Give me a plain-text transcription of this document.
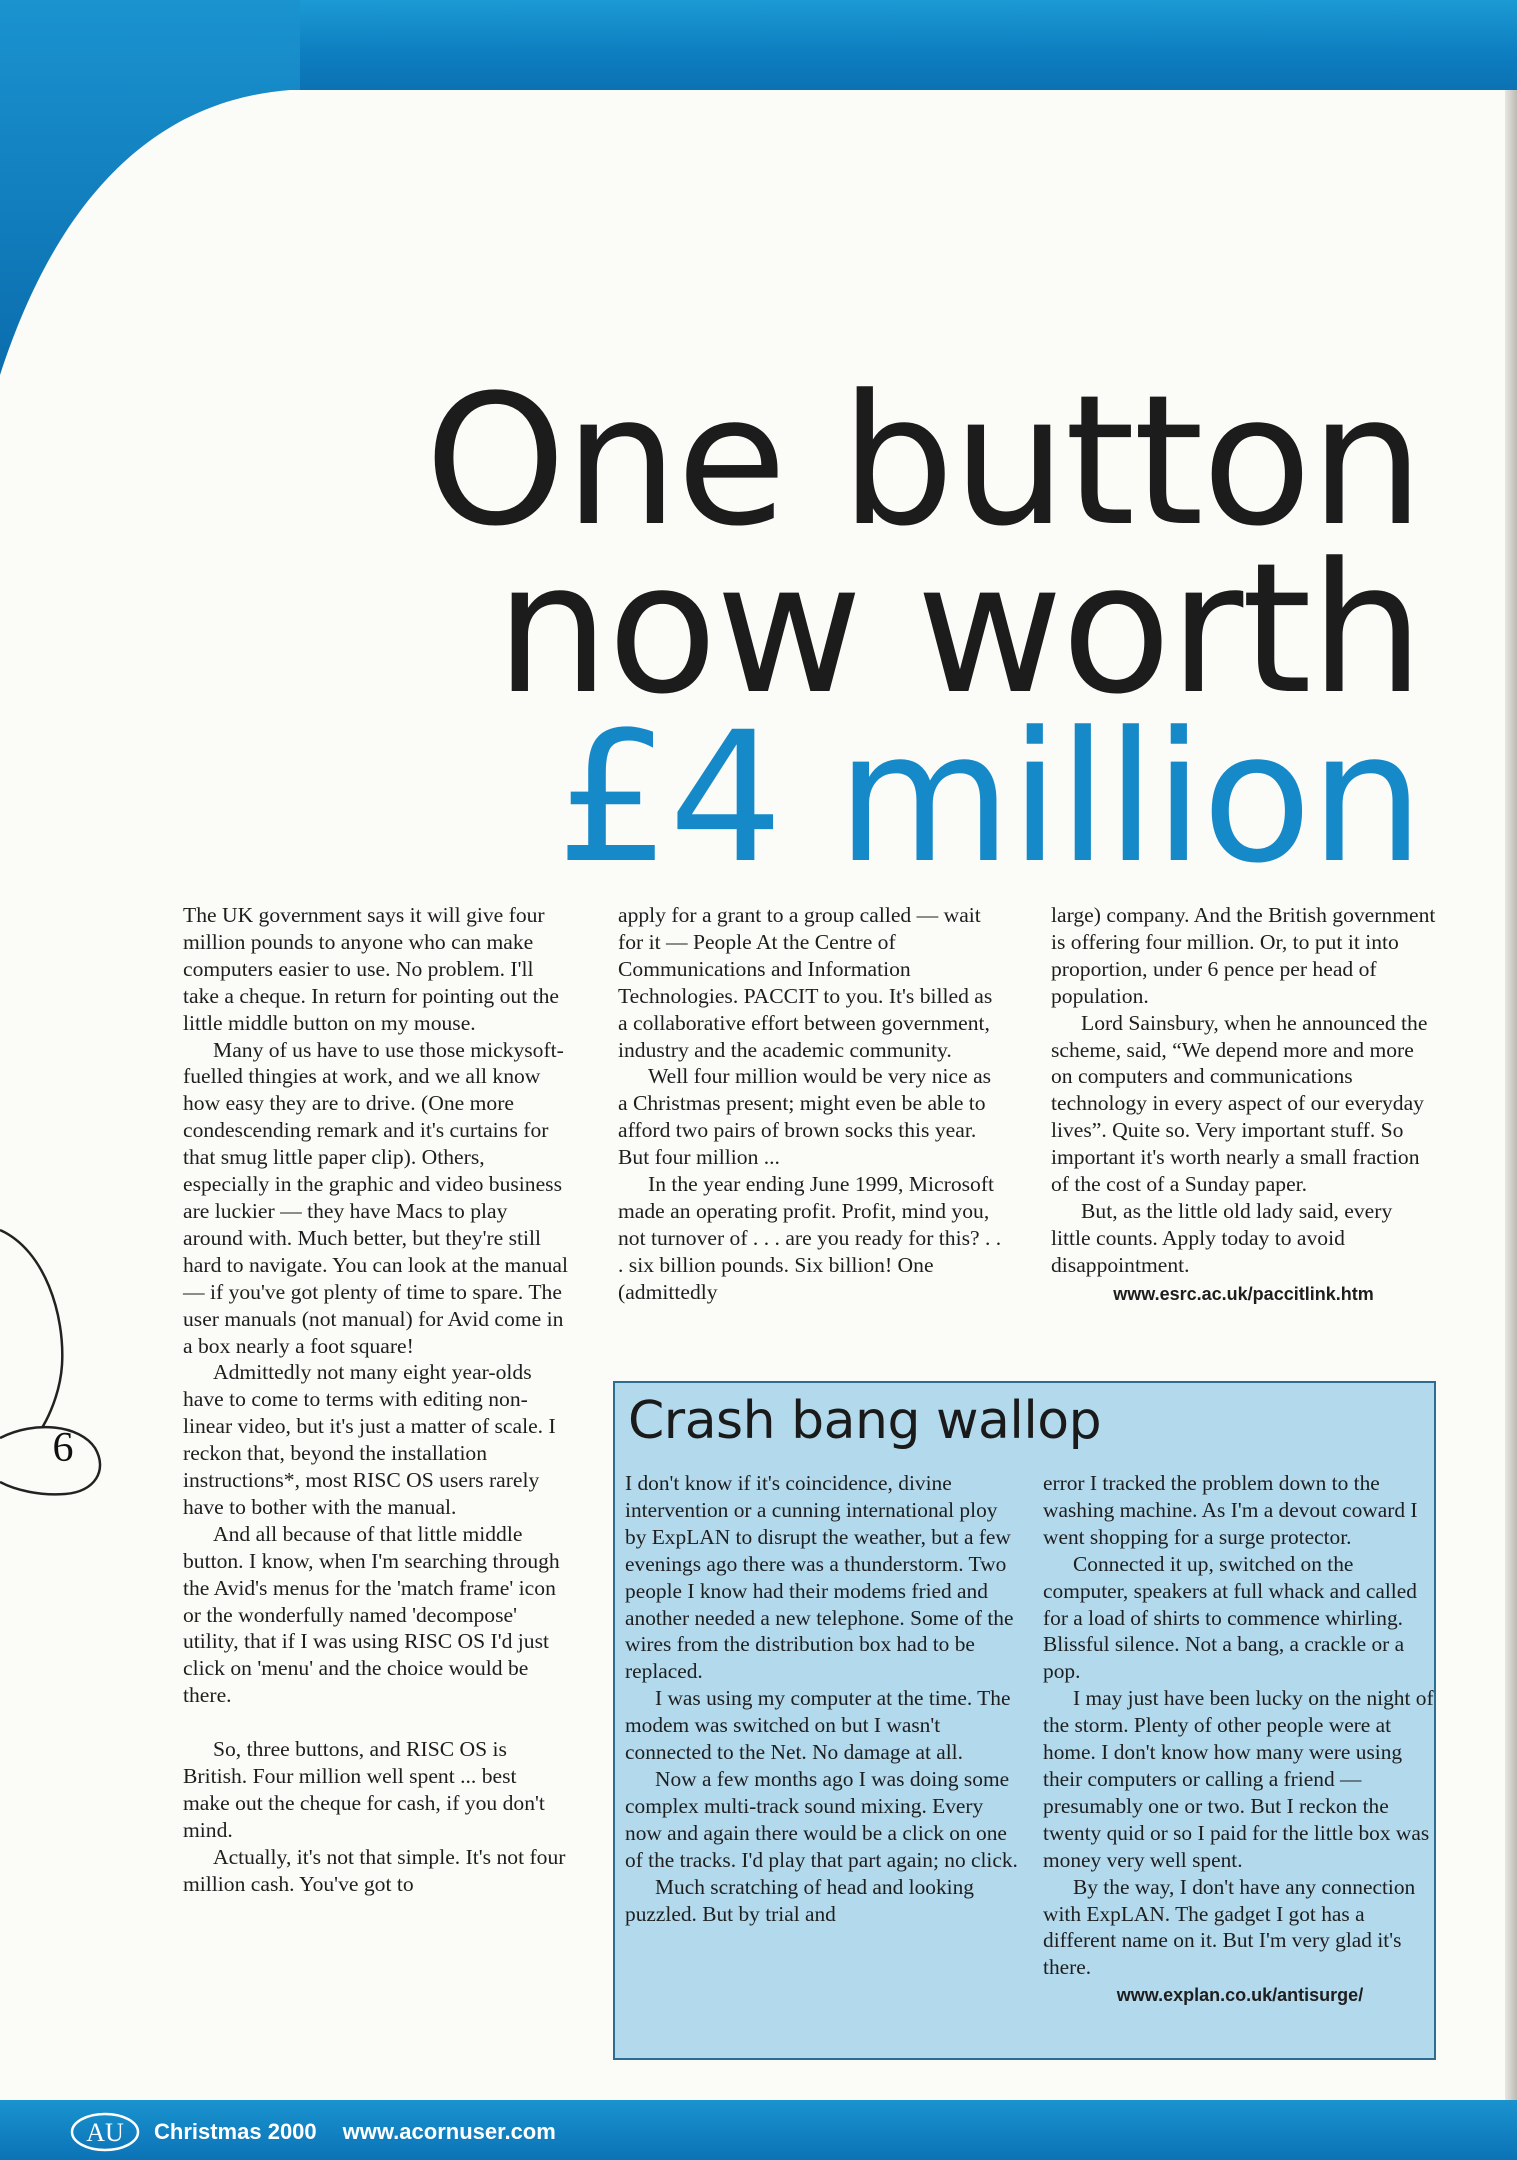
6
One button
now worth
£4 million

The UK government says it will give four million pounds to anyone who can make computers easier to use. No problem. I'll take a cheque. In return for pointing out the little middle button on my mouse.

Many of us have to use those mickysoft-fuelled thingies at work, and we all know how easy they are to drive. (One more condescending remark and it's curtains for that smug little paper clip). Others, especially in the graphic and video business are luckier — they have Macs to play around with. Much better, but they're still hard to navigate. You can look at the manual — if you've got plenty of time to spare. The user manuals (not manual) for Avid come in a box nearly a foot square!

Admittedly not many eight year-olds have to come to terms with editing non-linear video, but it's just a matter of scale. I reckon that, beyond the installation instructions*, most RISC OS users rarely have to bother with the manual.

And all because of that little middle button. I know, when I'm searching through the Avid's menus for the 'match frame' icon or the wonderfully named 'decompose' utility, that if I was using RISC OS I'd just click on 'menu' and the choice would be there.

So, three buttons, and RISC OS is British. Four million well spent ... best make out the cheque for cash, if you don't mind.

Actually, it's not that simple. It's not four million cash. You've got to

apply for a grant to a group called — wait for it — People At the Centre of Communications and Information Technologies. PACCIT to you. It's billed as a collaborative effort between government, industry and the academic community.

Well four million would be very nice as a Christmas present; might even be able to afford two pairs of brown socks this year. But four million ...

In the year ending June 1999, Microsoft made an operating profit. Profit, mind you, not turnover of . . . are you ready for this? . . . six billion pounds. Six billion! One (admittedly

large) company. And the British government is offering four million. Or, to put it into proportion, under 6 pence per head of population.

Lord Sainsbury, when he announced the scheme, said, “We depend more and more on computers and communications technology in every aspect of our everyday lives”. Quite so. Very important stuff. So important it's worth nearly a small fraction of the cost of a Sunday paper.

But, as the little old lady said, every little counts. Apply today to avoid disappointment.

www.esrc.ac.uk/paccitlink.htm
Crash bang wallop

I don't know if it's coincidence, divine intervention or a cunning international ploy by ExpLAN to disrupt the weather, but a few evenings ago there was a thunderstorm. Two people I know had their modems fried and another needed a new telephone. Some of the wires from the distribution box had to be replaced.

I was using my computer at the time. The modem was switched on but I wasn't connected to the Net. No damage at all.

Now a few months ago I was doing some complex multi-track sound mixing. Every now and again there would be a click on one of the tracks. I'd play that part again; no click.

Much scratching of head and looking puzzled. But by trial and

error I tracked the problem down to the washing machine. As I'm a devout coward I went shopping for a surge protector.

Connected it up, switched on the computer, speakers at full whack and called for a load of shirts to commence whirling. Blissful silence. Not a bang, a crackle or a pop.

I may just have been lucky on the night of the storm. Plenty of other people were at home. I don't know how many were using their computers or calling a friend — presumably one or two. But I reckon the twenty quid or so I paid for the little box was money very well spent.

By the way, I don't have any connection with ExpLAN. The gadget I got has a different name on it. But I'm very glad it's there.

www.explan.co.uk/antisurge/
AU Christmas 2000 www.acornuser.com
